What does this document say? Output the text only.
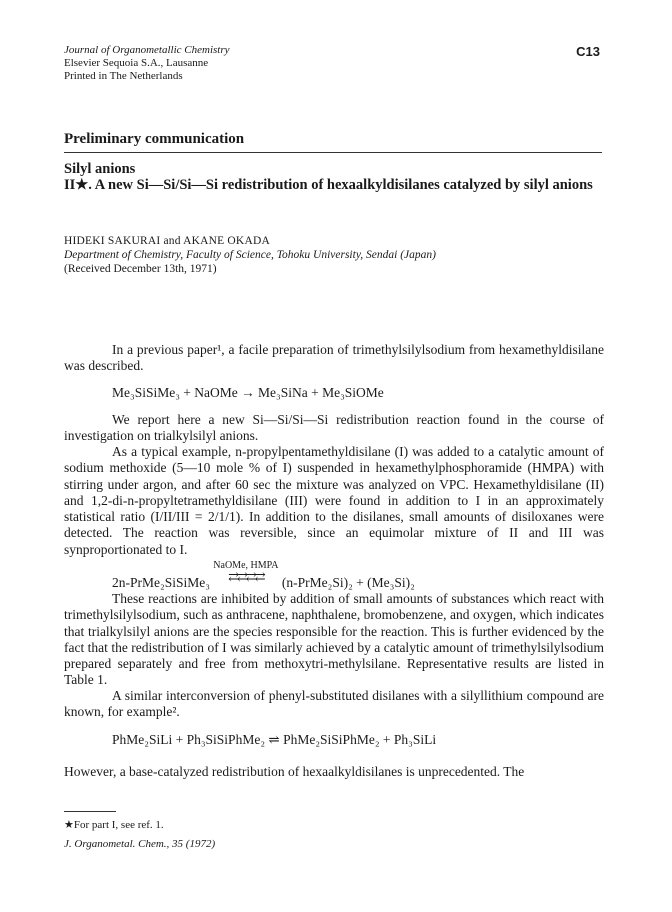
Journal of Organometallic Chemistry
Elsevier Sequoia S.A., Lausanne
Printed in The Netherlands
C13
Preliminary communication
Silyl anions
II★. A new Si—Si/Si—Si redistribution of hexaalkyldisilanes catalyzed by silyl anions
HIDEKI SAKURAI and AKANE OKADA
Department of Chemistry, Faculty of Science, Tohoku University, Sendai (Japan)
(Received December 13th, 1971)

In a previous paper¹, a facile preparation of trimethylsilylsodium from hexamethyldisilane was described.

Me₃SiSiMe₃ + NaOMe → Me₃SiNa + Me₃SiOMe

We report here a new Si—Si/Si—Si redistribution reaction found in the course of investigation on trialkylsilyl anions.

As a typical example, n-propylpentamethyldisilane (I) was added to a catalytic amount of sodium methoxide (5—10 mole % of I) suspended in hexamethylphosphoramide (HMPA) with stirring under argon, and after 60 sec the mixture was analyzed on VPC. Hexamethyldisilane (II) and 1,2-di-n-propyltetramethyldisilane (III) were found in addition to I in an approximately statistical ratio (I/II/III = 2/1/1). In addition to the disilanes, small amounts of disiloxanes were detected. The reaction was reversible, since an equimolar mixture of II and III was synproportionated to I.

2n-PrMe₂SiSiMe₃
NaOMe, HMPA
⇄⇄⇄⇄	(n-PrMe₂Si)₂ + (Me₃Si)₂

These reactions are inhibited by addition of small amounts of substances which react with trimethylsilylsodium, such as anthracene, naphthalene, bromobenzene, and oxygen, which indicates that trialkylsilyl anions are the species responsible for the reaction. This is further evidenced by the fact that the redistribution of I was similarly achieved by a catalytic amount of trimethylsilylsodium prepared separately and free from methoxytri-methylsilane. Representative results are listed in Table 1.

A similar interconversion of phenyl-substituted disilanes with a silyllithium compound are known, for example².

PhMe₂SiLi + Ph₃SiSiPhMe₂ ⇌ PhMe₂SiSiPhMe₂ + Ph₃SiLi

However, a base-catalyzed redistribution of hexaalkyldisilanes is unprecedented. The

★For part I, see ref. 1.
J. Organometal. Chem., 35 (1972)
